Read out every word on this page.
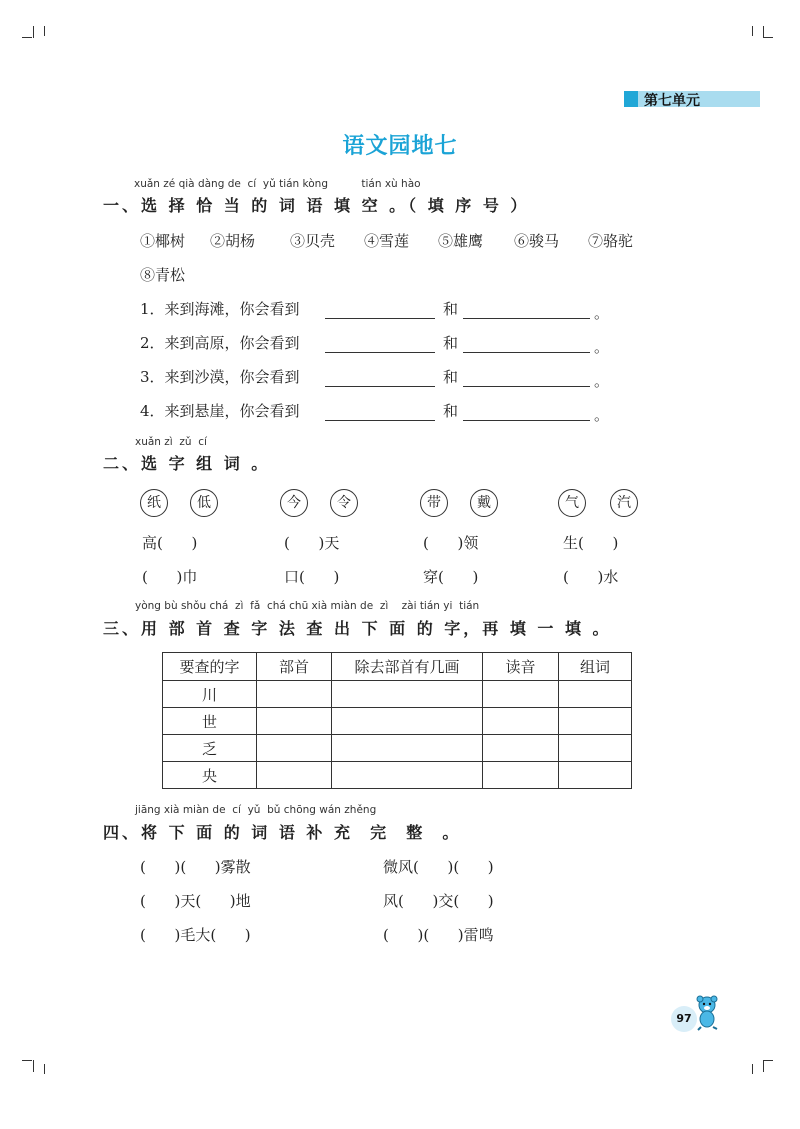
第七单元
语文园地七
xuǎn zé qià dàng de  cí  yǔ tián kòng          tián xù hào
一、选 择 恰 当 的 词 语 填 空 。（ 填 序 号 ）
①椰树 ②胡杨 ③贝壳 ④雪莲 ⑤雄鹰 ⑥骏马 ⑦骆驼
⑧青松
1．来到海滩，你会看到	和	。
2．来到高原，你会看到	和	。
3．来到沙漠，你会看到	和	。
4．来到悬崖，你会看到	和	。
xuǎn zì  zǔ  cí
二、选 字 组 词 。
纸	低	今	令	带	戴	气	汽
高(      )
(      )巾
(      )天
口(      )
(      )领
穿(      )
生(      )
(      )水
yòng bù shǒu chá  zì  fǎ  chá chū xià miàn de  zì    zài tián yi  tián
三、用 部 首 查 字 法 查 出 下 面 的 字，再 填 一 填 。
要查的字	部首	除去部首有几画	读音	组词
川				
世				
乏				
央				
jiāng xià miàn de  cí  yǔ  bǔ chōng wán zhěng
四、将 下 面 的 词 语 补 充  完  整  。
(      )(      )雾散
(      )天(      )地
(      )毛大(      )
微风(      )(      )
风(      )交(      )
(      )(      )雷鸣
97
